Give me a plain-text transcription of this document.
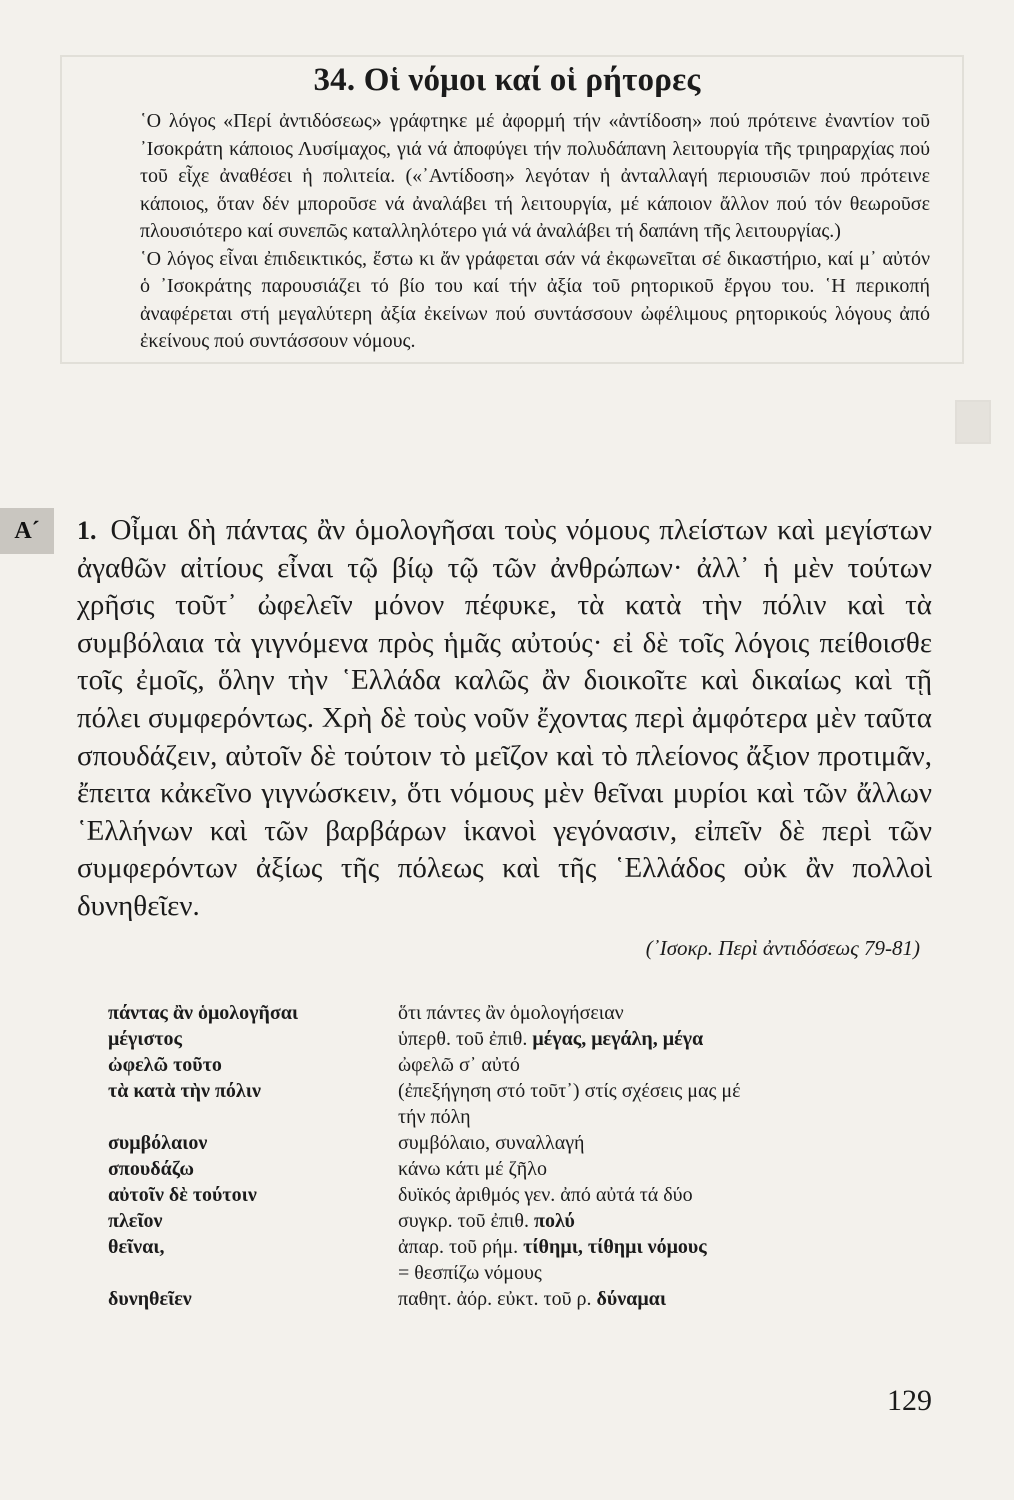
34. Οἱ νόμοι καί οἱ ρήτορες

῾Ο λόγος «Περί ἀντιδόσεως» γράφτηκε μέ ἀφορμή τήν «ἀντίδοση» πού πρότεινε ἐναντίον τοῦ ᾿Ισοκράτη κάποιος Λυσίμαχος, γιά νά ἀποφύγει τήν πολυδάπανη λειτουργία τῆς τριηραρχίας πού τοῦ εἶχε ἀναθέσει ἡ πολιτεία. («᾿Αντίδοση» λεγόταν ἡ ἀνταλλαγή περιουσιῶν πού πρότεινε κάποιος, ὅταν δέν μποροῦσε νά ἀναλάβει τή λειτουργία, μέ κάποιον ἄλλον πού τόν θεωροῦσε πλουσιότερο καί συνεπῶς καταλληλότερο γιά νά ἀναλάβει τή δαπάνη τῆς λειτουργίας.)

῾Ο λόγος εἶναι ἐπιδεικτικός, ἔστω κι ἄν γράφεται σάν νά ἐκφωνεῖται σέ δικαστήριο, καί μ᾿ αὐτόν ὁ ᾿Ισοκράτης παρουσιάζει τό βίο του καί τήν ἀξία τοῦ ρητορικοῦ ἔργου του. ῾Η περικοπή ἀναφέρεται στή μεγαλύτερη ἀξία ἐκείνων πού συντάσσουν ὠφέλιμους ρητορικούς λόγους ἀπό ἐκείνους πού συντάσσουν νόμους.

Α´	1. Οἶμαι δὴ πάντας ἂν ὁμολογῆσαι τοὺς νόμους πλείστων καὶ μεγίστων ἀγαθῶν αἰτίους εἶναι τῷ βίῳ τῷ τῶν ἀνθρώπων· ἀλλ᾿ ἡ μὲν τούτων χρῆσις τοῦτ᾿ ὠφελεῖν μόνον πέφυκε, τὰ κατὰ τὴν πόλιν καὶ τὰ συμβόλαια τὰ γιγνόμενα πρὸς ἡμᾶς αὐτούς· εἰ δὲ τοῖς λόγοις πείθοισθε τοῖς ἐμοῖς, ὅλην τὴν ῾Ελλάδα καλῶς ἂν διοικοῖτε καὶ δικαίως καὶ τῇ πόλει συμφερόντως. Χρὴ δὲ τοὺς νοῦν ἔχοντας περὶ ἀμφότερα μὲν ταῦτα σπουδάζειν, αὐτοῖν δὲ τούτοιν τὸ μεῖζον καὶ τὸ πλείονος ἄξιον προτιμᾶν, ἔπειτα κἀκεῖνο γιγνώσκειν, ὅτι νόμους μὲν θεῖναι μυρίοι καὶ τῶν ἄλλων ῾Ελλήνων καὶ τῶν βαρβάρων ἱκανοὶ γεγόνασιν, εἰπεῖν δὲ περὶ τῶν συμφερόντων ἀξίως τῆς πόλεως καὶ τῆς ῾Ελλάδος οὐκ ἂν πολλοὶ δυνηθεῖεν.
(᾿Ισοκρ. Περὶ ἀντιδόσεως 79-81)
πάντας ἂν ὁμολογῆσαι	ὅτι πάντες ἂν ὁμολογήσειαν
μέγιστος	ὑπερθ. τοῦ ἐπιθ. μέγας, μεγάλη, μέγα
ὠφελῶ τοῦτο	ὠφελῶ σ᾿ αὐτό
τὰ κατὰ τὴν πόλιν	(ἐπεξήγηση στό τοῦτ᾿) στίς σχέσεις μας μέ
τήν πόλη
συμβόλαιον	συμβόλαιο, συναλλαγή
σπουδάζω	κάνω κάτι μέ ζῆλο
αὐτοῖν δὲ τούτοιν	δυϊκός ἀριθμός γεν. ἀπό αὐτά τά δύο
πλεῖον	συγκρ. τοῦ ἐπιθ. πολύ
θεῖναι,	ἀπαρ. τοῦ ρήμ. τίθημι, τίθημι νόμους
= θεσπίζω νόμους
δυνηθεῖεν	παθητ. ἀόρ. εὐκτ. τοῦ ρ. δύναμαι
129
